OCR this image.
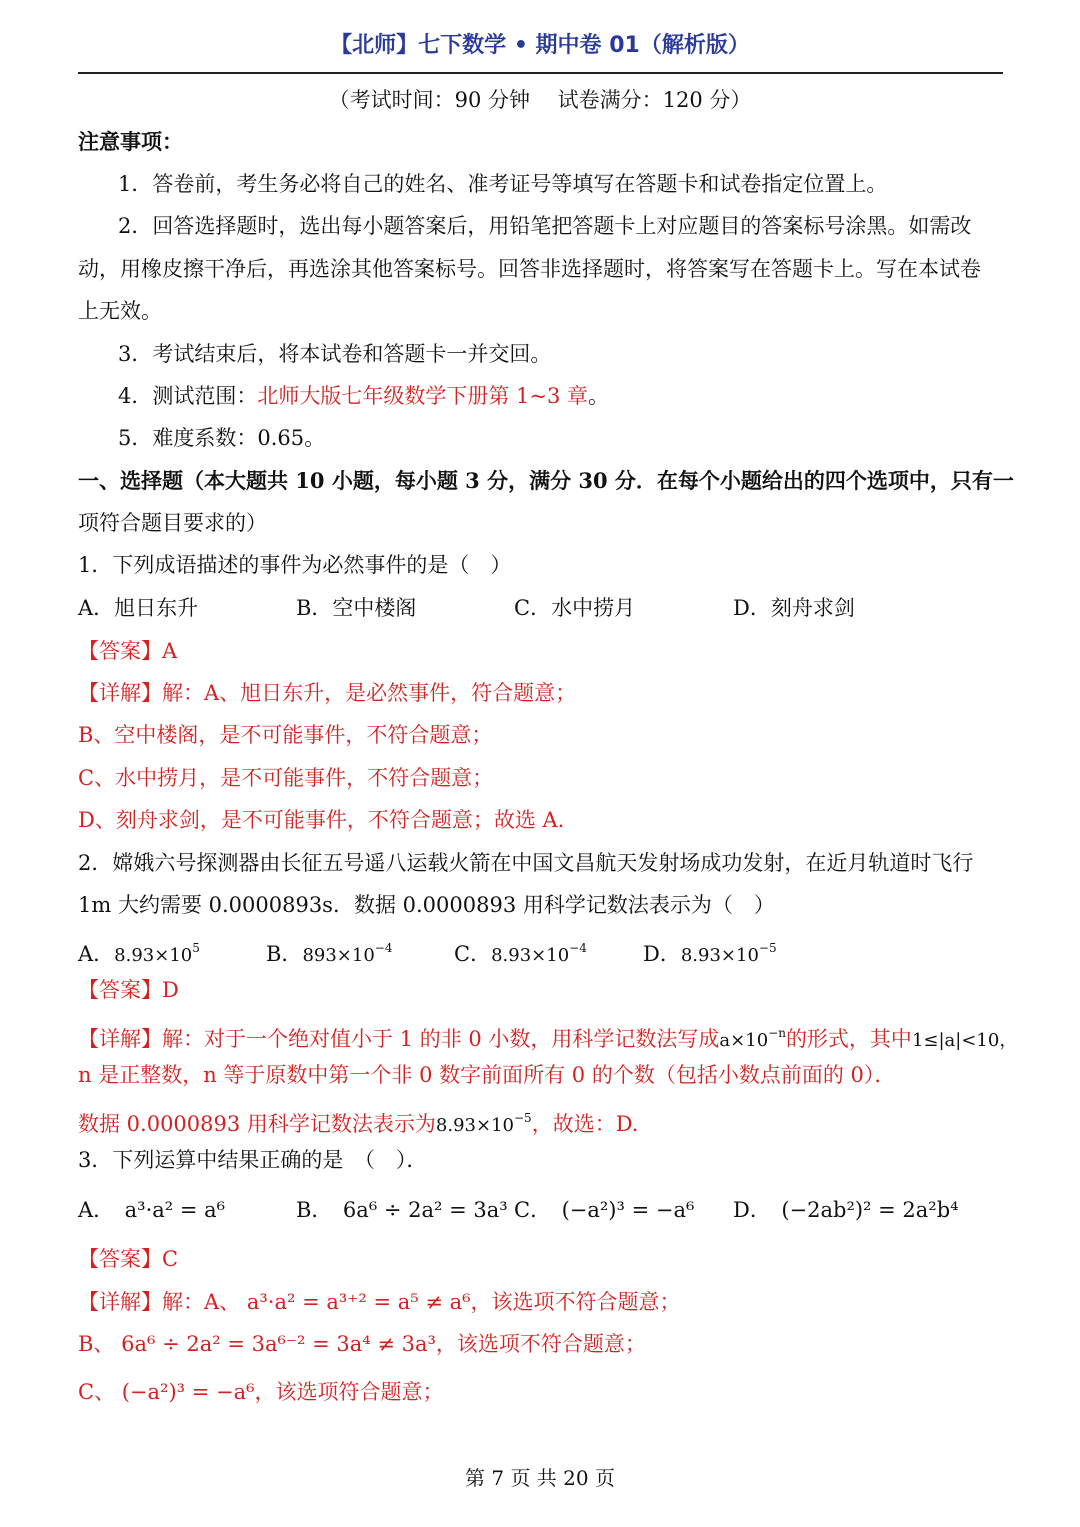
【北师】七下数学 • 期中卷 01（解析版）
（考试时间：90 分钟　 试卷满分：120 分）
注意事项：
1．答卷前，考生务必将自己的姓名、准考证号等填写在答题卡和试卷指定位置上。
2．回答选择题时，选出每小题答案后，用铅笔把答题卡上对应题目的答案标号涂黑。如需改
动，用橡皮擦干净后，再选涂其他答案标号。回答非选择题时，将答案写在答题卡上。写在本试卷
上无效。
3．考试结束后，将本试卷和答题卡一并交回。
4．测试范围：北师大版七年级数学下册第 1~3 章。
5．难度系数：0.65。
一、选择题（本大题共 10 小题，每小题 3 分，满分 30 分．在每个小题给出的四个选项中，只有一
项符合题目要求的）
1．下列成语描述的事件为必然事件的是（　）
A．旭日东升	B．空中楼阁	C．水中捞月	D．刻舟求剑
【答案】A
【详解】解：A、旭日东升，是必然事件，符合题意；
B、空中楼阁，是不可能事件，不符合题意；
C、水中捞月，是不可能事件，不符合题意；
D、刻舟求剑，是不可能事件，不符合题意；故选 A.
2．嫦娥六号探测器由长征五号遥八运载火箭在中国文昌航天发射场成功发射，在近月轨道时飞行
1m 大约需要 0.0000893s．数据 0.0000893 用科学记数法表示为（　）
A．$8.93\times 10^5$	B．$893\times 10^{-4}$	C．$8.93\times 10^{-4}$	D．$8.93\times 10^{-5}$
【答案】D
【详解】解：对于一个绝对值小于 1 的非 0 小数，用科学记数法写成$a\times 10^{-n}$的形式，其中1≤|a|<10，
n 是正整数，n 等于原数中第一个非 0 数字前面所有 0 的个数（包括小数点前面的 0）．
数据 0.0000893 用科学记数法表示为$8.93\times 10^{-5}$，故选：D.
3．下列运算中结果正确的是　（　）．
A．　a³·a² = a⁶	B．　6a⁶ ÷ 2a² = 3a³ C．　(−a²)³ = −a⁶ D．　(−2ab²)² = 2a²b⁴
【答案】C
【详解】解：A、 a³·a² = a³⁺² = a⁵ ≠ a⁶，该选项不符合题意；
B、 6a⁶ ÷ 2a² = 3a⁶⁻² = 3a⁴ ≠ 3a³，该选项不符合题意；
C、 (−a²)³ = −a⁶，该选项符合题意；
第 7 页 共 20 页
